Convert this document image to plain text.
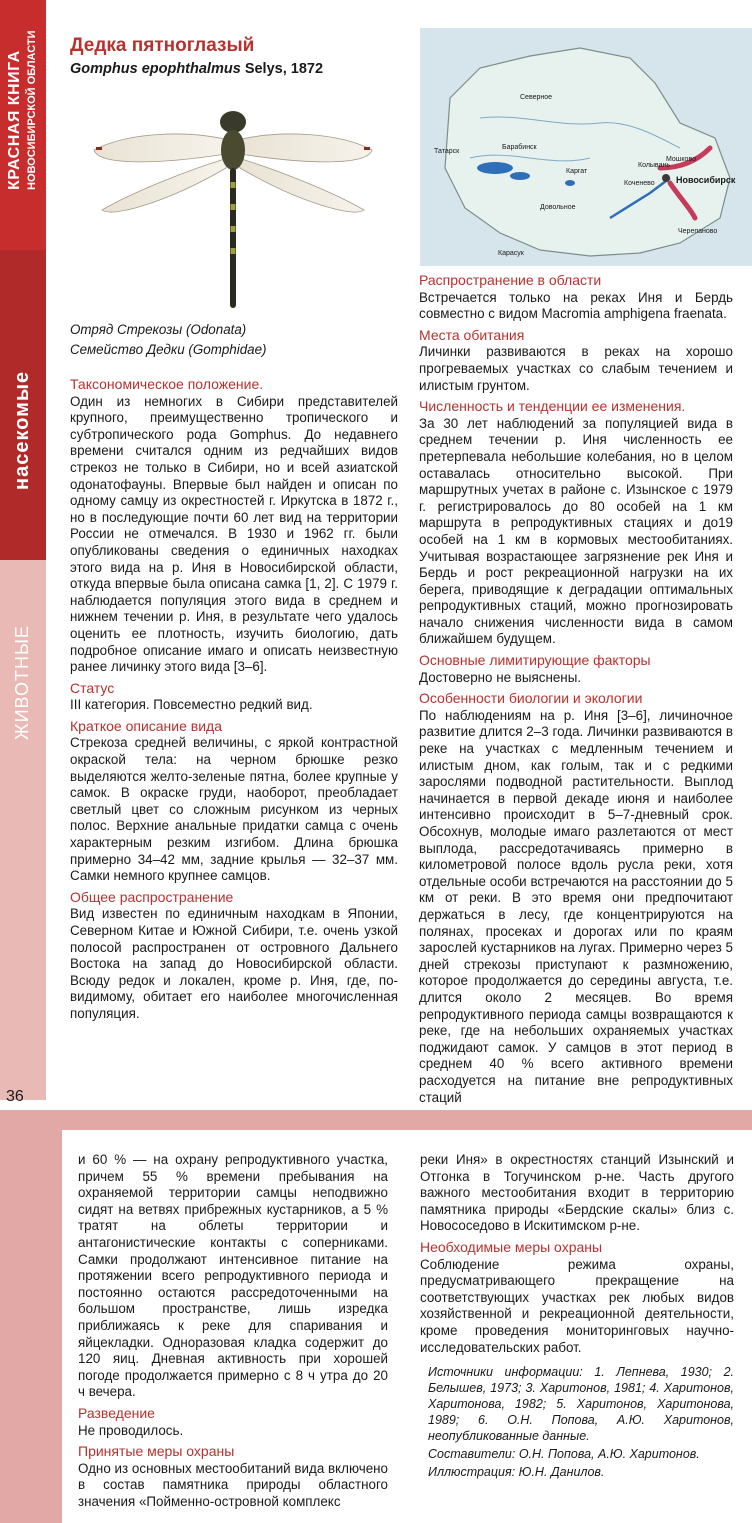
КРАСНАЯ КНИГА НОВОСИБИРСКОЙ ОБЛАСТИ
насекомые
ЖИВОТНЫЕ
36
Дедка пятноглазый
Gomphus epophthalmus Selys, 1872
Отряд Стрекозы (Odonata)
Семейство Дедки (Gomphidae)
Северное
Татарск
Барабинск
Каргат
Коченево
Колывань
Мошково
Новосибирск
Довольное
Карасук
Черепаново
Таксономическое положение.

Один из немногих в Сибири представителей крупного, преимущественно тропического и субтропического рода Gomphus. До недавнего времени считался одним из редчайших видов стрекоз не только в Сибири, но и всей азиатской одонатофауны. Впервые был найден и описан по одному самцу из окрестностей г. Иркутска в 1872 г., но в последующие почти 60 лет вид на территории России не отмечался. В 1930 и 1962 гг. были опубликованы сведения о единичных находках этого вида на р. Иня в Новосибирской области, откуда впервые была описана самка [1, 2]. С 1979 г. наблюдается популяция этого вида в среднем и нижнем течении р. Иня, в результате чего удалось оценить ее плотность, изучить биологию, дать подробное описание имаго и описать неизвестную ранее личинку этого вида [3–6].

Статус

III категория. Повсеместно редкий вид.

Краткое описание вида

Стрекоза средней величины, с яркой контрастной окраской тела: на черном брюшке резко выделяются желто-зеленые пятна, более крупные у самок. В окраске груди, наоборот, преобладает светлый цвет со сложным рисунком из черных полос. Верхние анальные придатки самца с очень характерным резким изгибом. Длина брюшка примерно 34–42 мм, задние крылья — 32–37 мм. Самки немного крупнее самцов.

Общее распространение

Вид известен по единичным находкам в Японии, Северном Китае и Южной Сибири, т.е. очень узкой полосой распространен от островного Дальнего Востока на запад до Новосибирской области. Всюду редок и локален, кроме р. Иня, где, по-видимому, обитает его наиболее многочисленная популяция.

Распространение в области

Встречается только на реках Иня и Бердь совместно с видом Macromia amphigena fraenata.

Места обитания

Личинки развиваются в реках на хорошо прогреваемых участках со слабым течением и илистым грунтом.

Численность и тенденции ее изменения.

За 30 лет наблюдений за популяцией вида в среднем течении р. Иня численность ее претерпевала небольшие колебания, но в целом оставалась относительно высокой. При маршрутных учетах в районе с. Изынское с 1979 г. регистрировалось до 80 особей на 1 км маршрута в репродуктивных стациях и до19 особей на 1 км в кормовых местообитаниях. Учитывая возрастающее загрязнение рек Иня и Бердь и рост рекреационной нагрузки на их берега, приводящие к деградации оптимальных репродуктивных стаций, можно прогнозировать начало снижения численности вида в самом ближайшем будущем.

Основные лимитирующие факторы

Достоверно не выяснены.

Особенности биологии и экологии

По наблюдениям на р. Иня [3–6], личиночное развитие длится 2–3 года. Личинки развиваются в реке на участках с медленным течением и илистым дном, как голым, так и с редкими зарослями подводной растительности. Выплод начинается в первой декаде июня и наиболее интенсивно происходит в 5–7-дневный срок. Обсохнув, молодые имаго разлетаются от мест выплода, рассредотачиваясь примерно в километровой полосе вдоль русла реки, хотя отдельные особи встречаются на расстоянии до 5 км от реки. В это время они предпочитают держаться в лесу, где концентрируются на полянах, просеках и дорогах или по краям зарослей кустарников на лугах. Примерно через 5 дней стрекозы приступают к размножению, которое продолжается до середины августа, т.е. длится около 2 месяцев. Во время репродуктивного периода самцы возвращаются к реке, где на небольших охраняемых участках поджидают самок. У самцов в этот период в среднем 40 % всего активного времени расходуется на питание вне репродуктивных стаций

и 60 % — на охрану репродуктивного участка, причем 55 % времени пребывания на охраняемой территории самцы неподвижно сидят на ветвях прибрежных кустарников, а 5 % тратят на облеты территории и антагонистические контакты с соперниками. Самки продолжают интенсивное питание на протяжении всего репродуктивного периода и постоянно остаются рассредоточенными на большом пространстве, лишь изредка приближаясь к реке для спаривания и яйцекладки. Одноразовая кладка содержит до 120 яиц. Дневная активность при хорошей погоде продолжается примерно с 8 ч утра до 20 ч вечера.

Разведение

Не проводилось.

Принятые меры охраны

Одно из основных местообитаний вида включено в состав памятника природы областного значения «Пойменно-островной комплекс

реки Иня» в окрестностях станций Изынский и Отгонка в Тогучинском р-не. Часть другого важного местообитания входит в территорию памятника природы «Бердские скалы» близ с. Новососедово в Искитимском р-не.

Необходимые меры охраны

Соблюдение режима охраны, предусматривающего прекращение на соответствующих участках рек любых видов хозяйственной и рекреационной деятельности, кроме проведения мониторинговых научно-исследовательских работ.

Источники информации: 1. Лепнева, 1930; 2. Белышев, 1973; 3. Харитонов, 1981; 4. Харитонов, Харитонова, 1982; 5. Харитонов, Харитонова, 1989; 6. О.Н. Попова, А.Ю. Харитонов, неопубликованные данные.

Составители: О.Н. Попова, А.Ю. Харитонов.

Иллюстрация: Ю.Н. Данилов.
